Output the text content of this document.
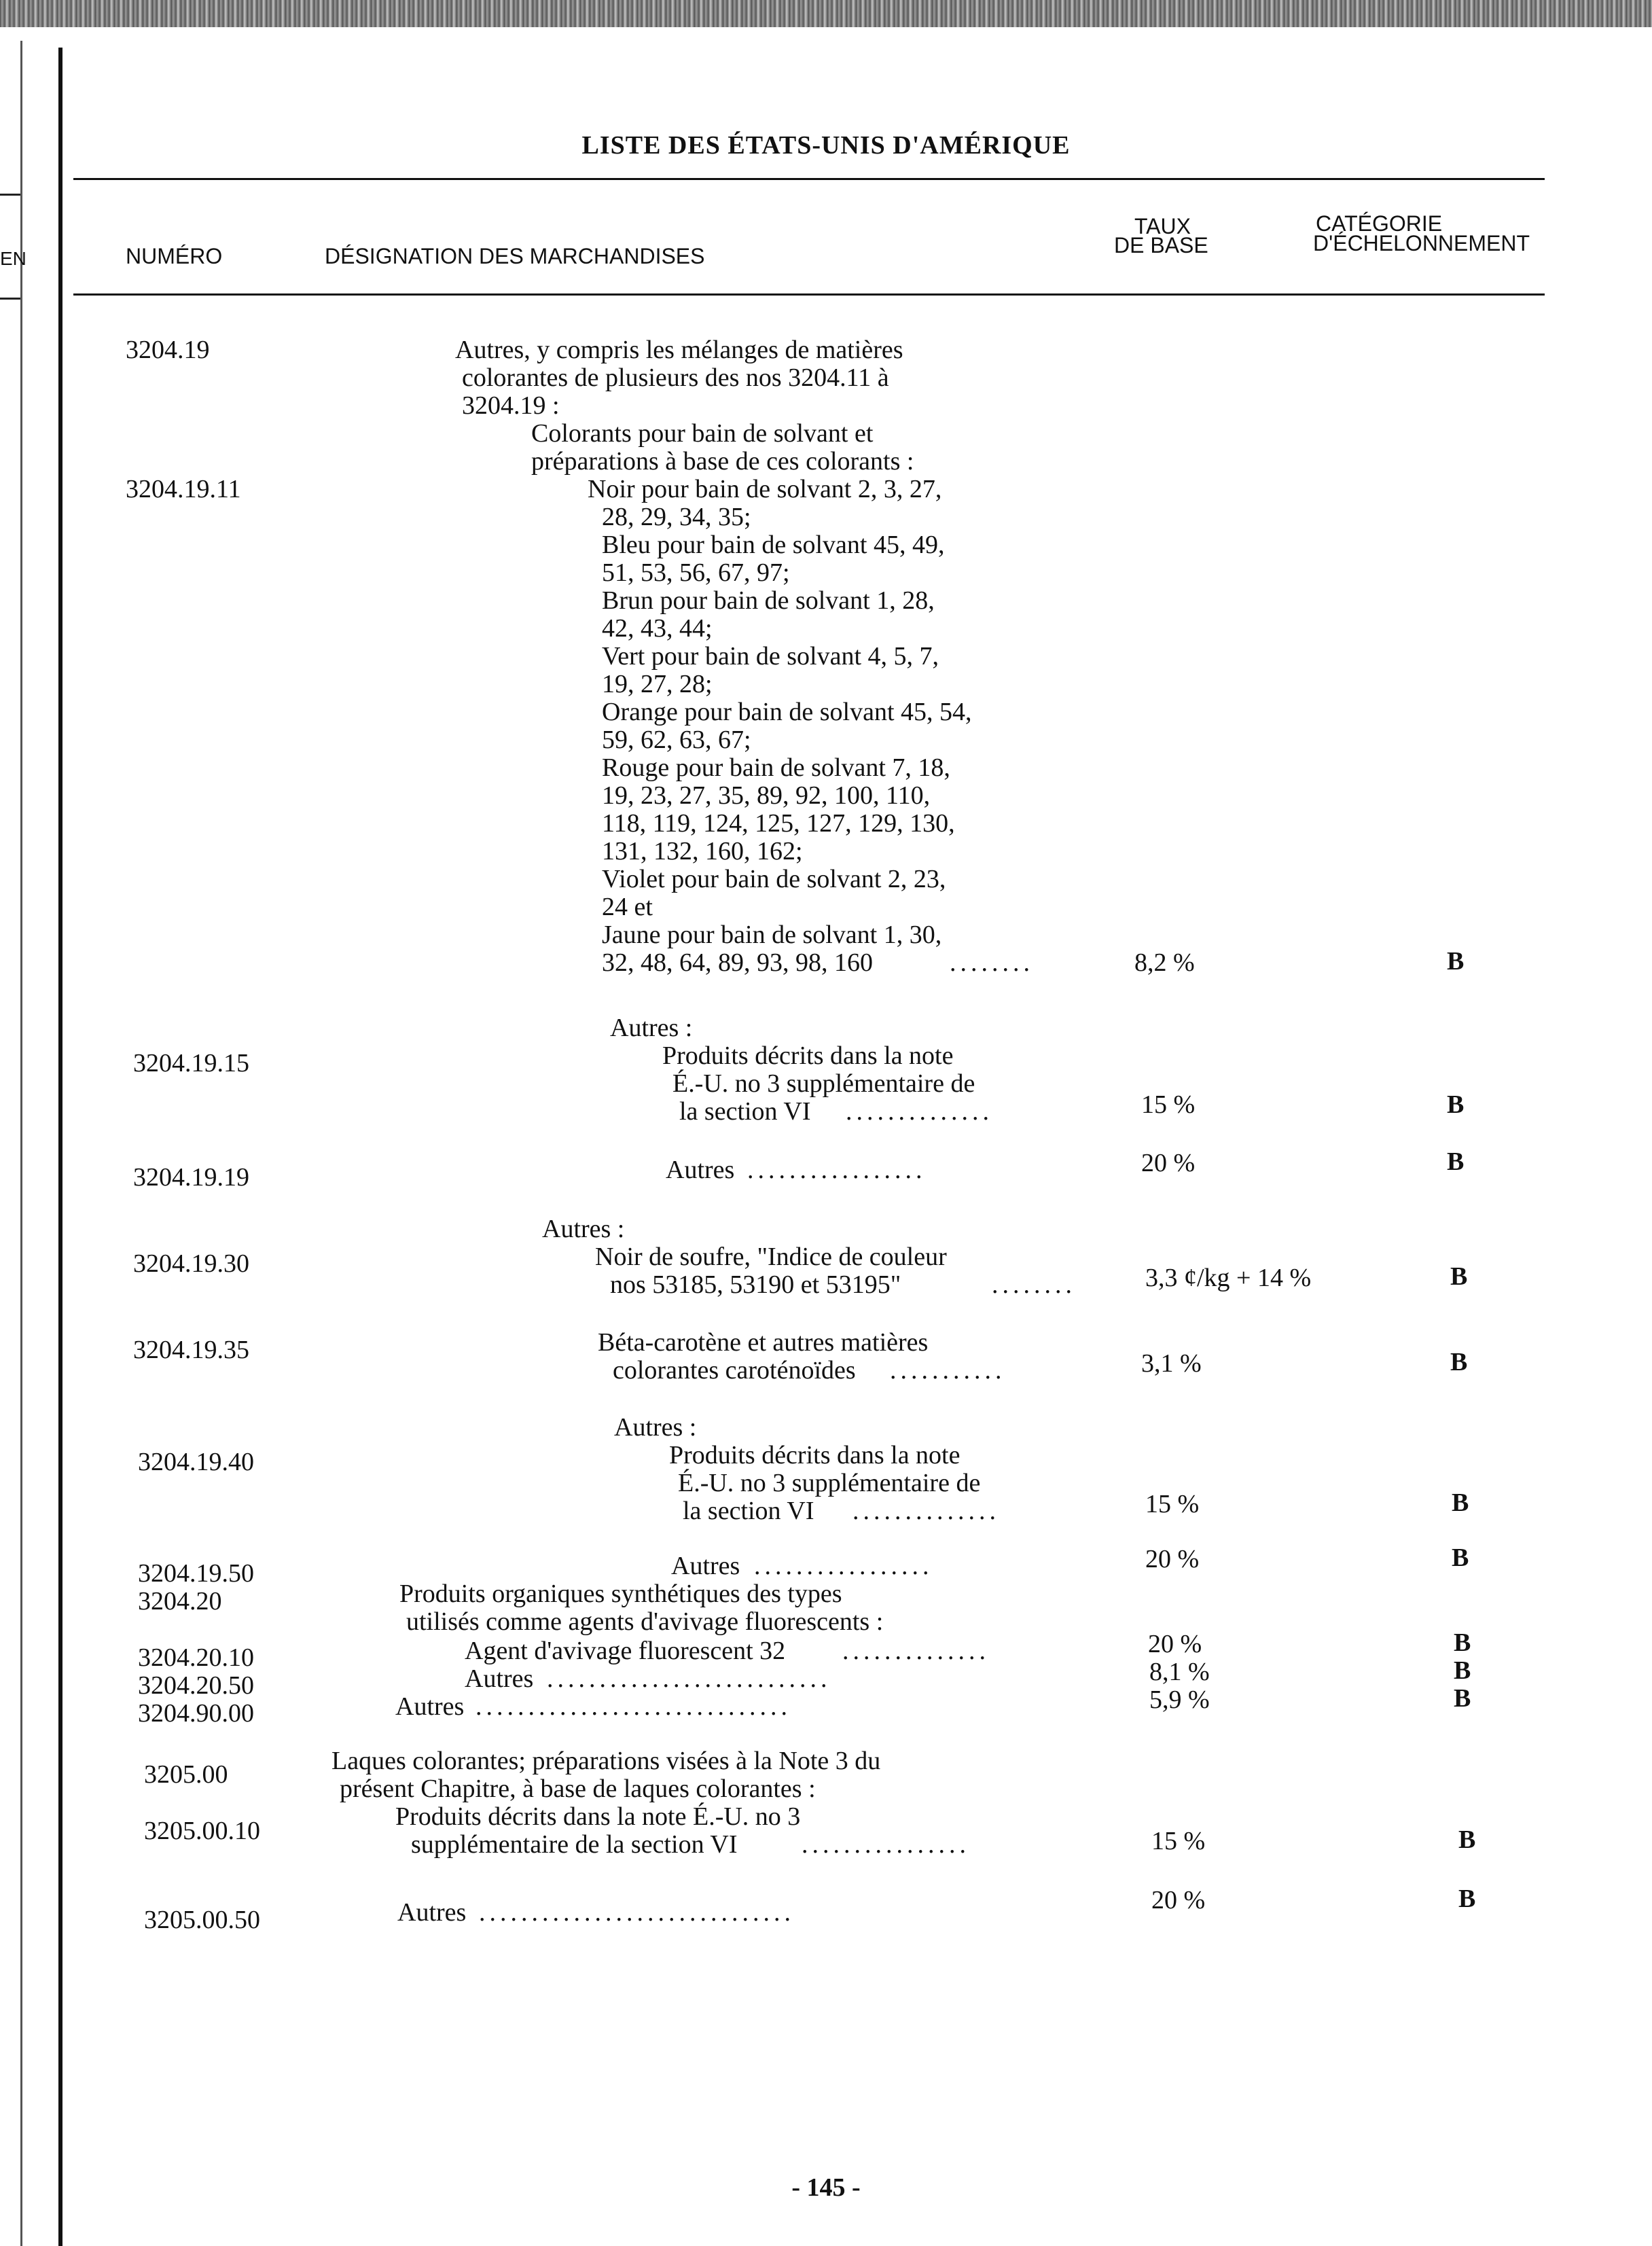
EN
LISTE DES ÉTATS-UNIS D'AMÉRIQUE
NUMÉRO	DÉSIGNATION DES MARCHANDISES
TAUX
DE BASE
CATÉGORIE
D'ÉCHELONNEMENT
3204.19	Autres, y compris les mélanges de matières
colorantes de plusieurs des nos 3204.11 à
3204.19 :
Colorants pour bain de solvant et
préparations à base de ces colorants :
3204.19.11	Noir pour bain de solvant 2, 3, 27,
28, 29, 34, 35;
Bleu pour bain de solvant 45, 49,
51, 53, 56, 67, 97;
Brun pour bain de solvant 1, 28,
42, 43, 44;
Vert pour bain de solvant 4, 5, 7,
19, 27, 28;
Orange pour bain de solvant 45, 54,
59, 62, 63, 67;
Rouge pour bain de solvant 7, 18,
19, 23, 27, 35, 89, 92, 100, 110,
118, 119, 124, 125, 127, 129, 130,
131, 132, 160, 162;
Violet pour bain de solvant 2, 23,
24 et
Jaune pour bain de solvant 1, 30,
32, 48, 64, 89, 93, 98, 160	........	8,2 %	B
Autres :
3204.19.15	Produits décrits dans la note
É.-U. no 3 supplémentaire de
la section VI ..............	15 %	B
3204.19.19	Autres .................	20 %	B
Autres :
3204.19.30	Noir de soufre, "Indice de couleur
nos 53185, 53190 et 53195"	........	3,3 ¢/kg + 14 %	B
3204.19.35	Béta-carotène et autres matières
colorantes caroténoïdes ...........	3,1 %	B
Autres :
3204.19.40	Produits décrits dans la note
É.-U. no 3 supplémentaire de
la section VI ..............	15 %	B
3204.19.50	Autres .................	20 %	B
3204.20	Produits organiques synthétiques des types
utilisés comme agents d'avivage fluorescents :
3204.20.10	Agent d'avivage fluorescent 32 ..............	20 %	B
3204.20.50	Autres ...........................	8,1 %	B
3204.90.00	Autres ..............................	5,9 %	B
3205.00	Laques colorantes; préparations visées à la Note 3 du
présent Chapitre, à base de laques colorantes :
3205.00.10	Produits décrits dans la note É.-U. no 3
supplémentaire de la section VI ................	15 %	B
3205.00.50	Autres ..............................	20 %	B
- 145 -
